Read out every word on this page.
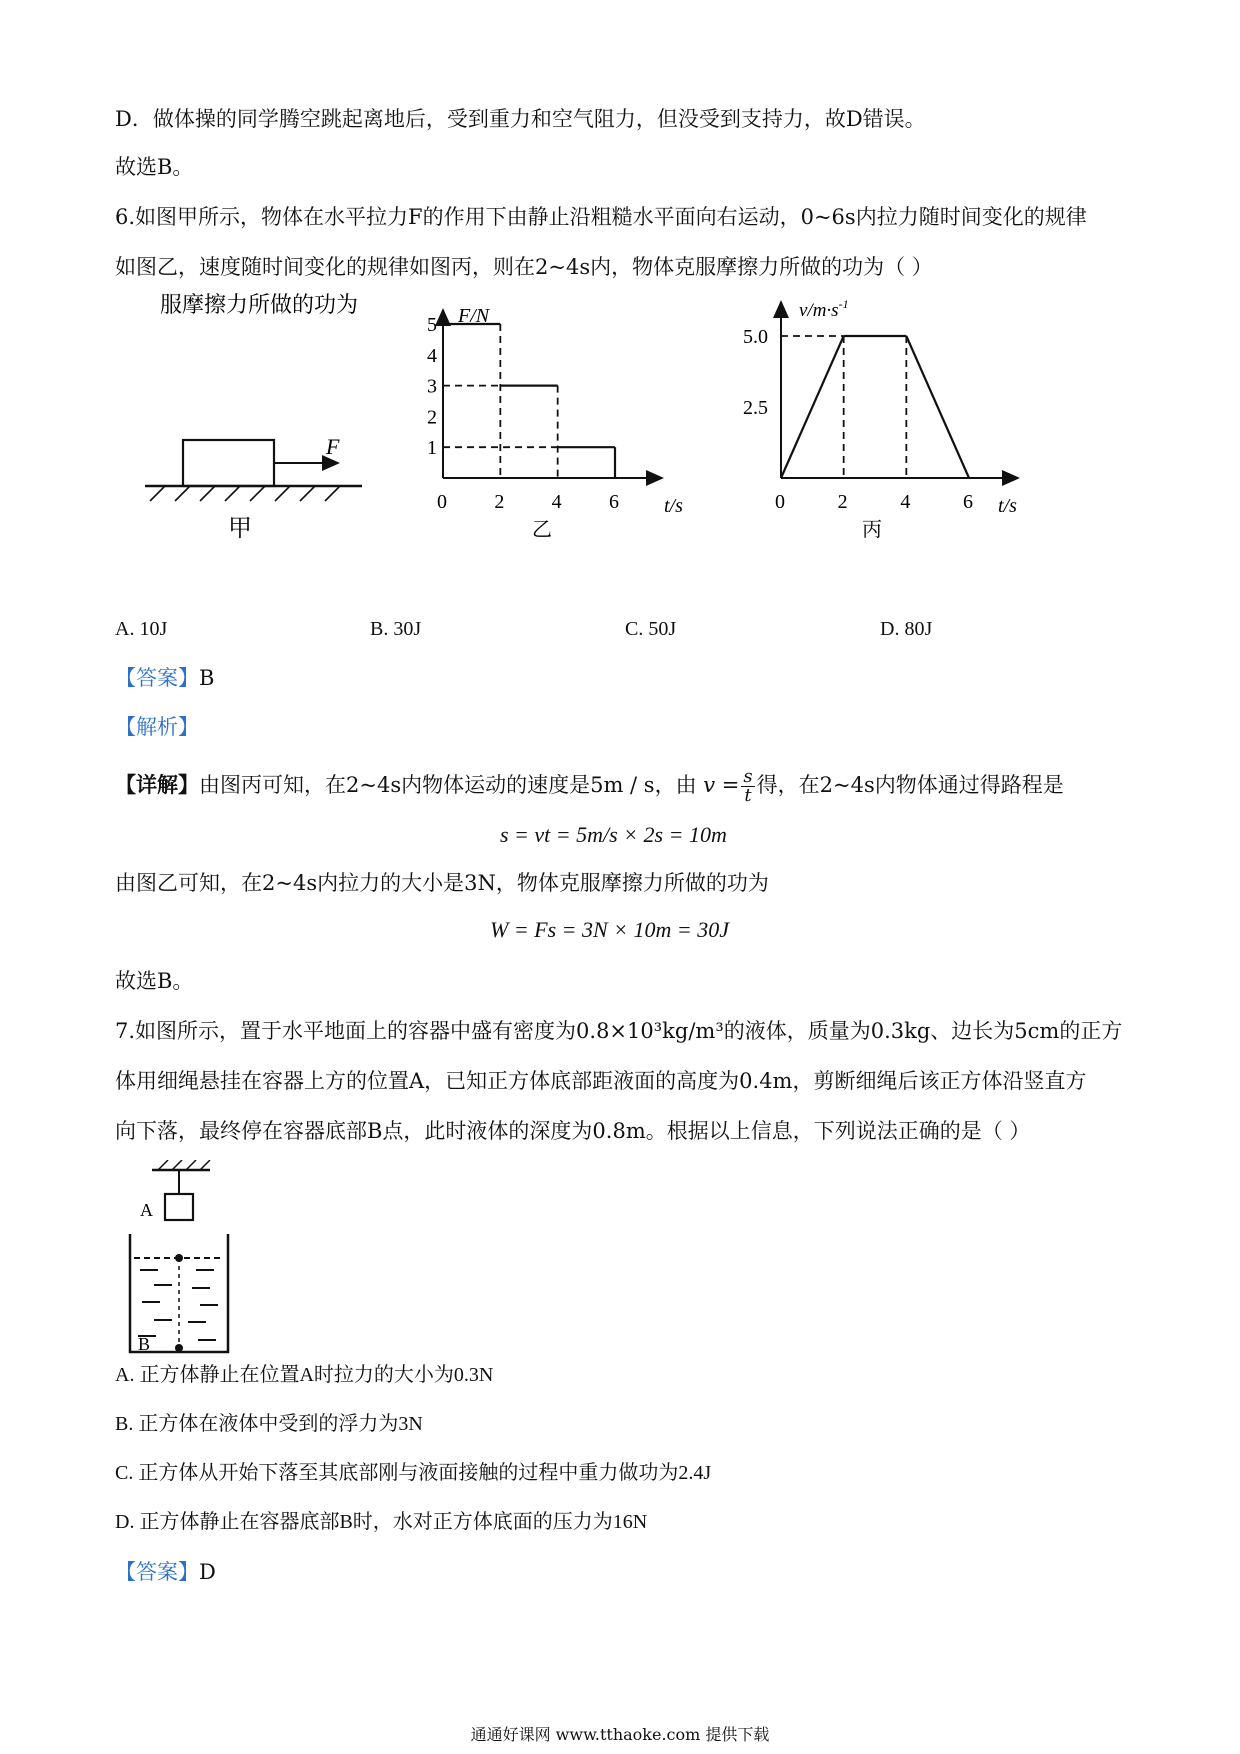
D．做体操的同学腾空跳起离地后，受到重力和空气阻力，但没受到支持力，故D错误。
故选B。
6.如图甲所示，物体在水平拉力F的作用下由静止沿粗糙水平面向右运动，0~6s内拉力随时间变化的规律
如图乙，速度随时间变化的规律如图丙，则在2~4s内，物体克服摩擦力所做的功为（ ）
服摩擦力所做的功为
F
甲
F/N
t/s
乙
0 2 4 6
1
2
3
4
5
$v/m\cdot s^{-1}$
t/s
丙
0	2	4	6
2.5
5.0
A. 10J	B. 30J	C. 50J	D. 80J
【答案】B
【解析】
【详解】由图丙可知，在2~4s内物体运动的速度是5m / s，由 $v = \frac{s}{t}$ 得，在2~4s内物体通过得路程是
s = vt = 5m/s × 2s = 10m
由图乙可知，在2~4s内拉力的大小是3N，物体克服摩擦力所做的功为
W = Fs = 3N × 10m = 30J
故选B。
7.如图所示，置于水平地面上的容器中盛有密度为0.8×10³kg/m³的液体，质量为0.3kg、边长为5cm的正方
体用细绳悬挂在容器上方的位置A，已知正方体底部距液面的高度为0.4m，剪断细绳后该正方体沿竖直方
向下落，最终停在容器底部B点，此时液体的深度为0.8m。根据以上信息，下列说法正确的是（ ）
A
B
A. 正方体静止在位置A时拉力的大小为0.3N
B. 正方体在液体中受到的浮力为3N
C. 正方体从开始下落至其底部刚与液面接触的过程中重力做功为2.4J
D. 正方体静止在容器底部B时，水对正方体底面的压力为16N
【答案】D
通通好课网 www.tthaoke.com 提供下载
